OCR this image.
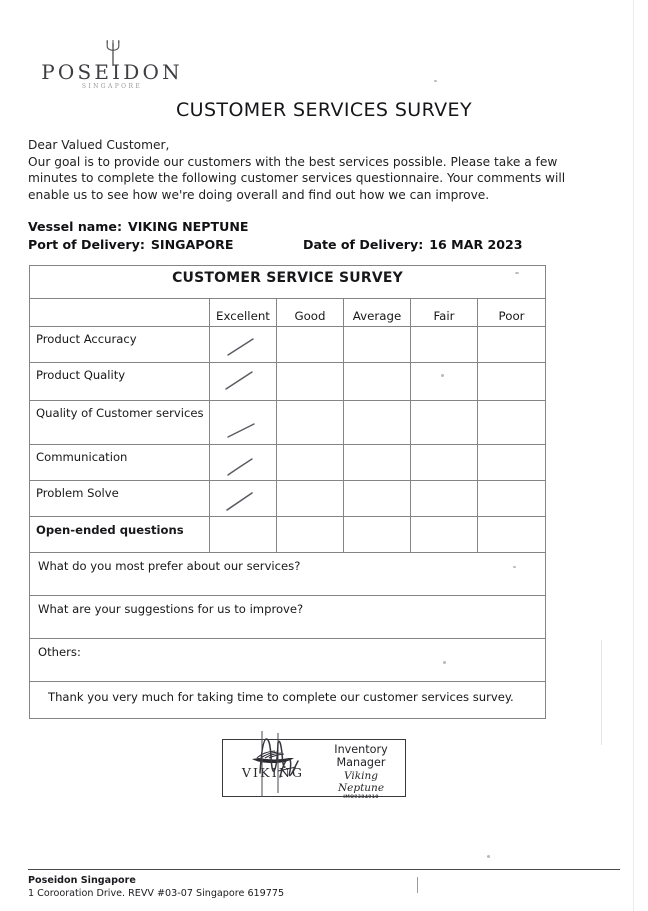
POSEIDON
SINGAPORE
CUSTOMER SERVICES SURVEY
Dear Valued Customer,
Our goal is to provide our customers with the best services possible. Please take a few minutes to complete the following customer services questionnaire. Your comments will enable us to see how we're doing overall and find out how we can improve.
Vessel name: VIKING NEPTUNE
Port of Delivery: SINGAPORE	Date of Delivery: 16 MAR 2023
CUSTOMER SERVICE SURVEY					
	Excellent	Good	Average	Fair	Poor
Product Accuracy	

Product Quality	

Quality of Customer services	

Communication	

Problem Solve	

Open-ended questions					
What do you most prefer about our services?					
What are your suggestions for us to improve?					
Others:					
Thank you very much for taking time to complete our customer services survey.					
VIKING
Inventory
Manager
Viking Neptune
IMO9384910
Poseidon Singapore
1 Corooration Drive. REVV #03-07 Singapore 619775
